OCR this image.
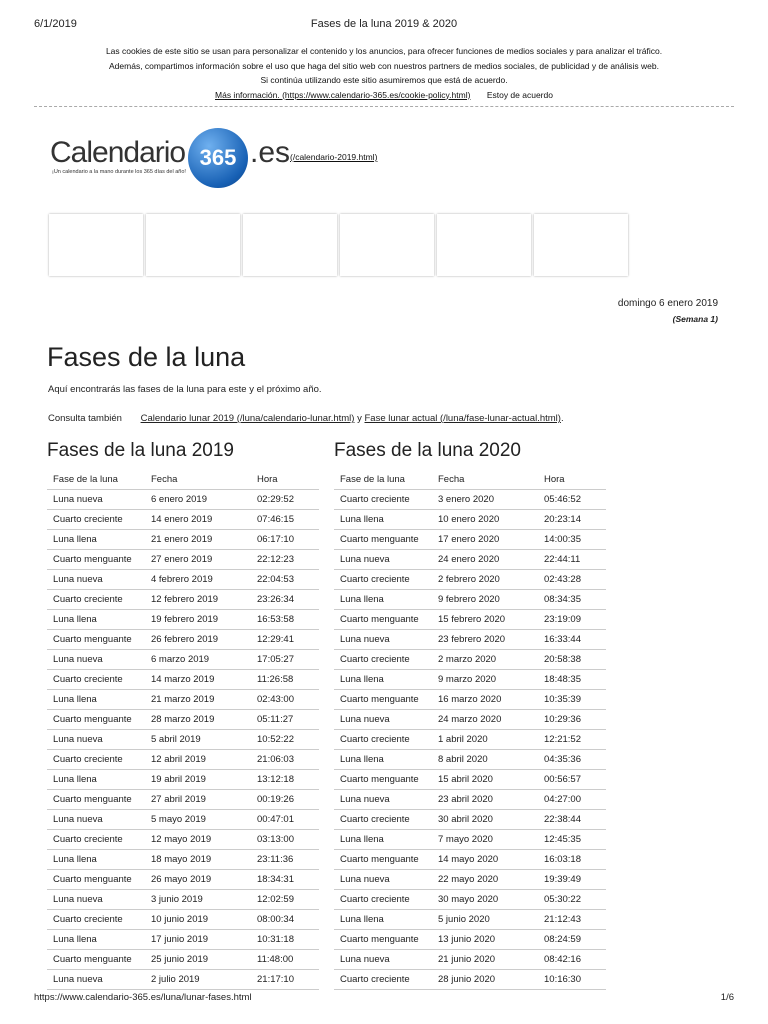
6/1/2019	Fases de la luna 2019 & 2020
Las cookies de este sitio se usan para personalizar el contenido y los anuncios, para ofrecer funciones de medios sociales y para analizar el tráfico.
Además, compartimos información sobre el uso que haga del sitio web con nuestros partners de medios sociales, de publicidad y de análisis web.
Si continúa utilizando este sitio asumiremos que está de acuerdo.
Más información. (https://www.calendario-365.es/cookie-policy.html) Estoy de acuerdo
Calendario 365 .es
¡Un calendario a la mano durante los 365 días del año!
(/calendario-2019.html)
domingo 6 enero 2019
(Semana 1)
Fases de la luna
Aquí encontrarás las fases de la luna para este y el próximo año.
Consulta también Calendario lunar 2019 (/luna/calendario-lunar.html) y Fase lunar actual (/luna/fase-lunar-actual.html).
Fases de la luna 2019
Fase de la luna	Fecha	Hora
Luna nueva	6 enero 2019	02:29:52
Cuarto creciente	14 enero 2019	07:46:15
Luna llena	21 enero 2019	06:17:10
Cuarto menguante	27 enero 2019	22:12:23
Luna nueva	4 febrero 2019	22:04:53
Cuarto creciente	12 febrero 2019	23:26:34
Luna llena	19 febrero 2019	16:53:58
Cuarto menguante	26 febrero 2019	12:29:41
Luna nueva	6 marzo 2019	17:05:27
Cuarto creciente	14 marzo 2019	11:26:58
Luna llena	21 marzo 2019	02:43:00
Cuarto menguante	28 marzo 2019	05:11:27
Luna nueva	5 abril 2019	10:52:22
Cuarto creciente	12 abril 2019	21:06:03
Luna llena	19 abril 2019	13:12:18
Cuarto menguante	27 abril 2019	00:19:26
Luna nueva	5 mayo 2019	00:47:01
Cuarto creciente	12 mayo 2019	03:13:00
Luna llena	18 mayo 2019	23:11:36
Cuarto menguante	26 mayo 2019	18:34:31
Luna nueva	3 junio 2019	12:02:59
Cuarto creciente	10 junio 2019	08:00:34
Luna llena	17 junio 2019	10:31:18
Cuarto menguante	25 junio 2019	11:48:00
Luna nueva	2 julio 2019	21:17:10
Fases de la luna 2020
Fase de la luna	Fecha	Hora
Cuarto creciente	3 enero 2020	05:46:52
Luna llena	10 enero 2020	20:23:14
Cuarto menguante	17 enero 2020	14:00:35
Luna nueva	24 enero 2020	22:44:11
Cuarto creciente	2 febrero 2020	02:43:28
Luna llena	9 febrero 2020	08:34:35
Cuarto menguante	15 febrero 2020	23:19:09
Luna nueva	23 febrero 2020	16:33:44
Cuarto creciente	2 marzo 2020	20:58:38
Luna llena	9 marzo 2020	18:48:35
Cuarto menguante	16 marzo 2020	10:35:39
Luna nueva	24 marzo 2020	10:29:36
Cuarto creciente	1 abril 2020	12:21:52
Luna llena	8 abril 2020	04:35:36
Cuarto menguante	15 abril 2020	00:56:57
Luna nueva	23 abril 2020	04:27:00
Cuarto creciente	30 abril 2020	22:38:44
Luna llena	7 mayo 2020	12:45:35
Cuarto menguante	14 mayo 2020	16:03:18
Luna nueva	22 mayo 2020	19:39:49
Cuarto creciente	30 mayo 2020	05:30:22
Luna llena	5 junio 2020	21:12:43
Cuarto menguante	13 junio 2020	08:24:59
Luna nueva	21 junio 2020	08:42:16
Cuarto creciente	28 junio 2020	10:16:30
https://www.calendario-365.es/luna/lunar-fases.html	1/6
